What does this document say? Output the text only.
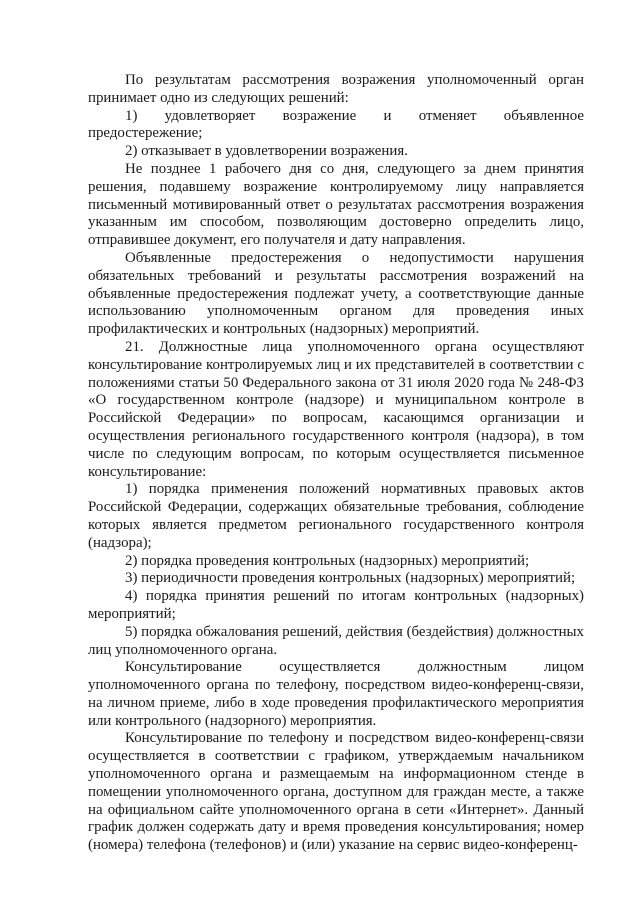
По результатам рассмотрения возражения уполномоченный орган принимает одно из следующих решений:

1) удовлетворяет возражение и отменяет объявленное предостережение;

2) отказывает в удовлетворении возражения.

Не позднее 1 рабочего дня со дня, следующего за днем принятия решения, подавшему возражение контролируемому лицу направляется письменный мотивированный ответ о результатах рассмотрения возражения указанным им способом, позволяющим достоверно определить лицо, отправившее документ, его получателя и дату направления.

Объявленные предостережения о недопустимости нарушения обязательных требований и результаты рассмотрения возражений на объявленные предостережения подлежат учету, а соответствующие данные использованию уполномоченным органом для проведения иных профилактических и контрольных (надзорных) мероприятий.

21. Должностные лица уполномоченного органа осуществляют консультирование контролируемых лиц и их представителей в соответствии с положениями статьи 50 Федерального закона от 31 июля 2020 года № 248-ФЗ «О государственном контроле (надзоре) и муниципальном контроле в Российской Федерации» по вопросам, касающимся организации и осуществления регионального государственного контроля (надзора), в том числе по следующим вопросам, по которым осуществляется письменное консультирование:

1) порядка применения положений нормативных правовых актов Российской Федерации, содержащих обязательные требования, соблюдение которых является предметом регионального государственного контроля (надзора);

2) порядка проведения контрольных (надзорных) мероприятий;

3) периодичности проведения контрольных (надзорных) мероприятий;

4) порядка принятия решений по итогам контрольных (надзорных) мероприятий;

5) порядка обжалования решений, действия (бездействия) должностных лиц уполномоченного органа.

Консультирование осуществляется должностным лицом уполномоченного органа по телефону, посредством видео-конференц-связи, на личном приеме, либо в ходе проведения профилактического мероприятия или контрольного (надзорного) мероприятия.

Консультирование по телефону и посредством видео-конференц-связи осуществляется в соответствии с графиком, утверждаемым начальником уполномоченного органа и размещаемым на информационном стенде в помещении уполномоченного органа, доступном для граждан месте, а также на официальном сайте уполномоченного органа в сети «Интернет». Данный график должен содержать дату и время проведения консультирования; номер (номера) телефона (телефонов) и (или) указание на сервис видео-конференц-
